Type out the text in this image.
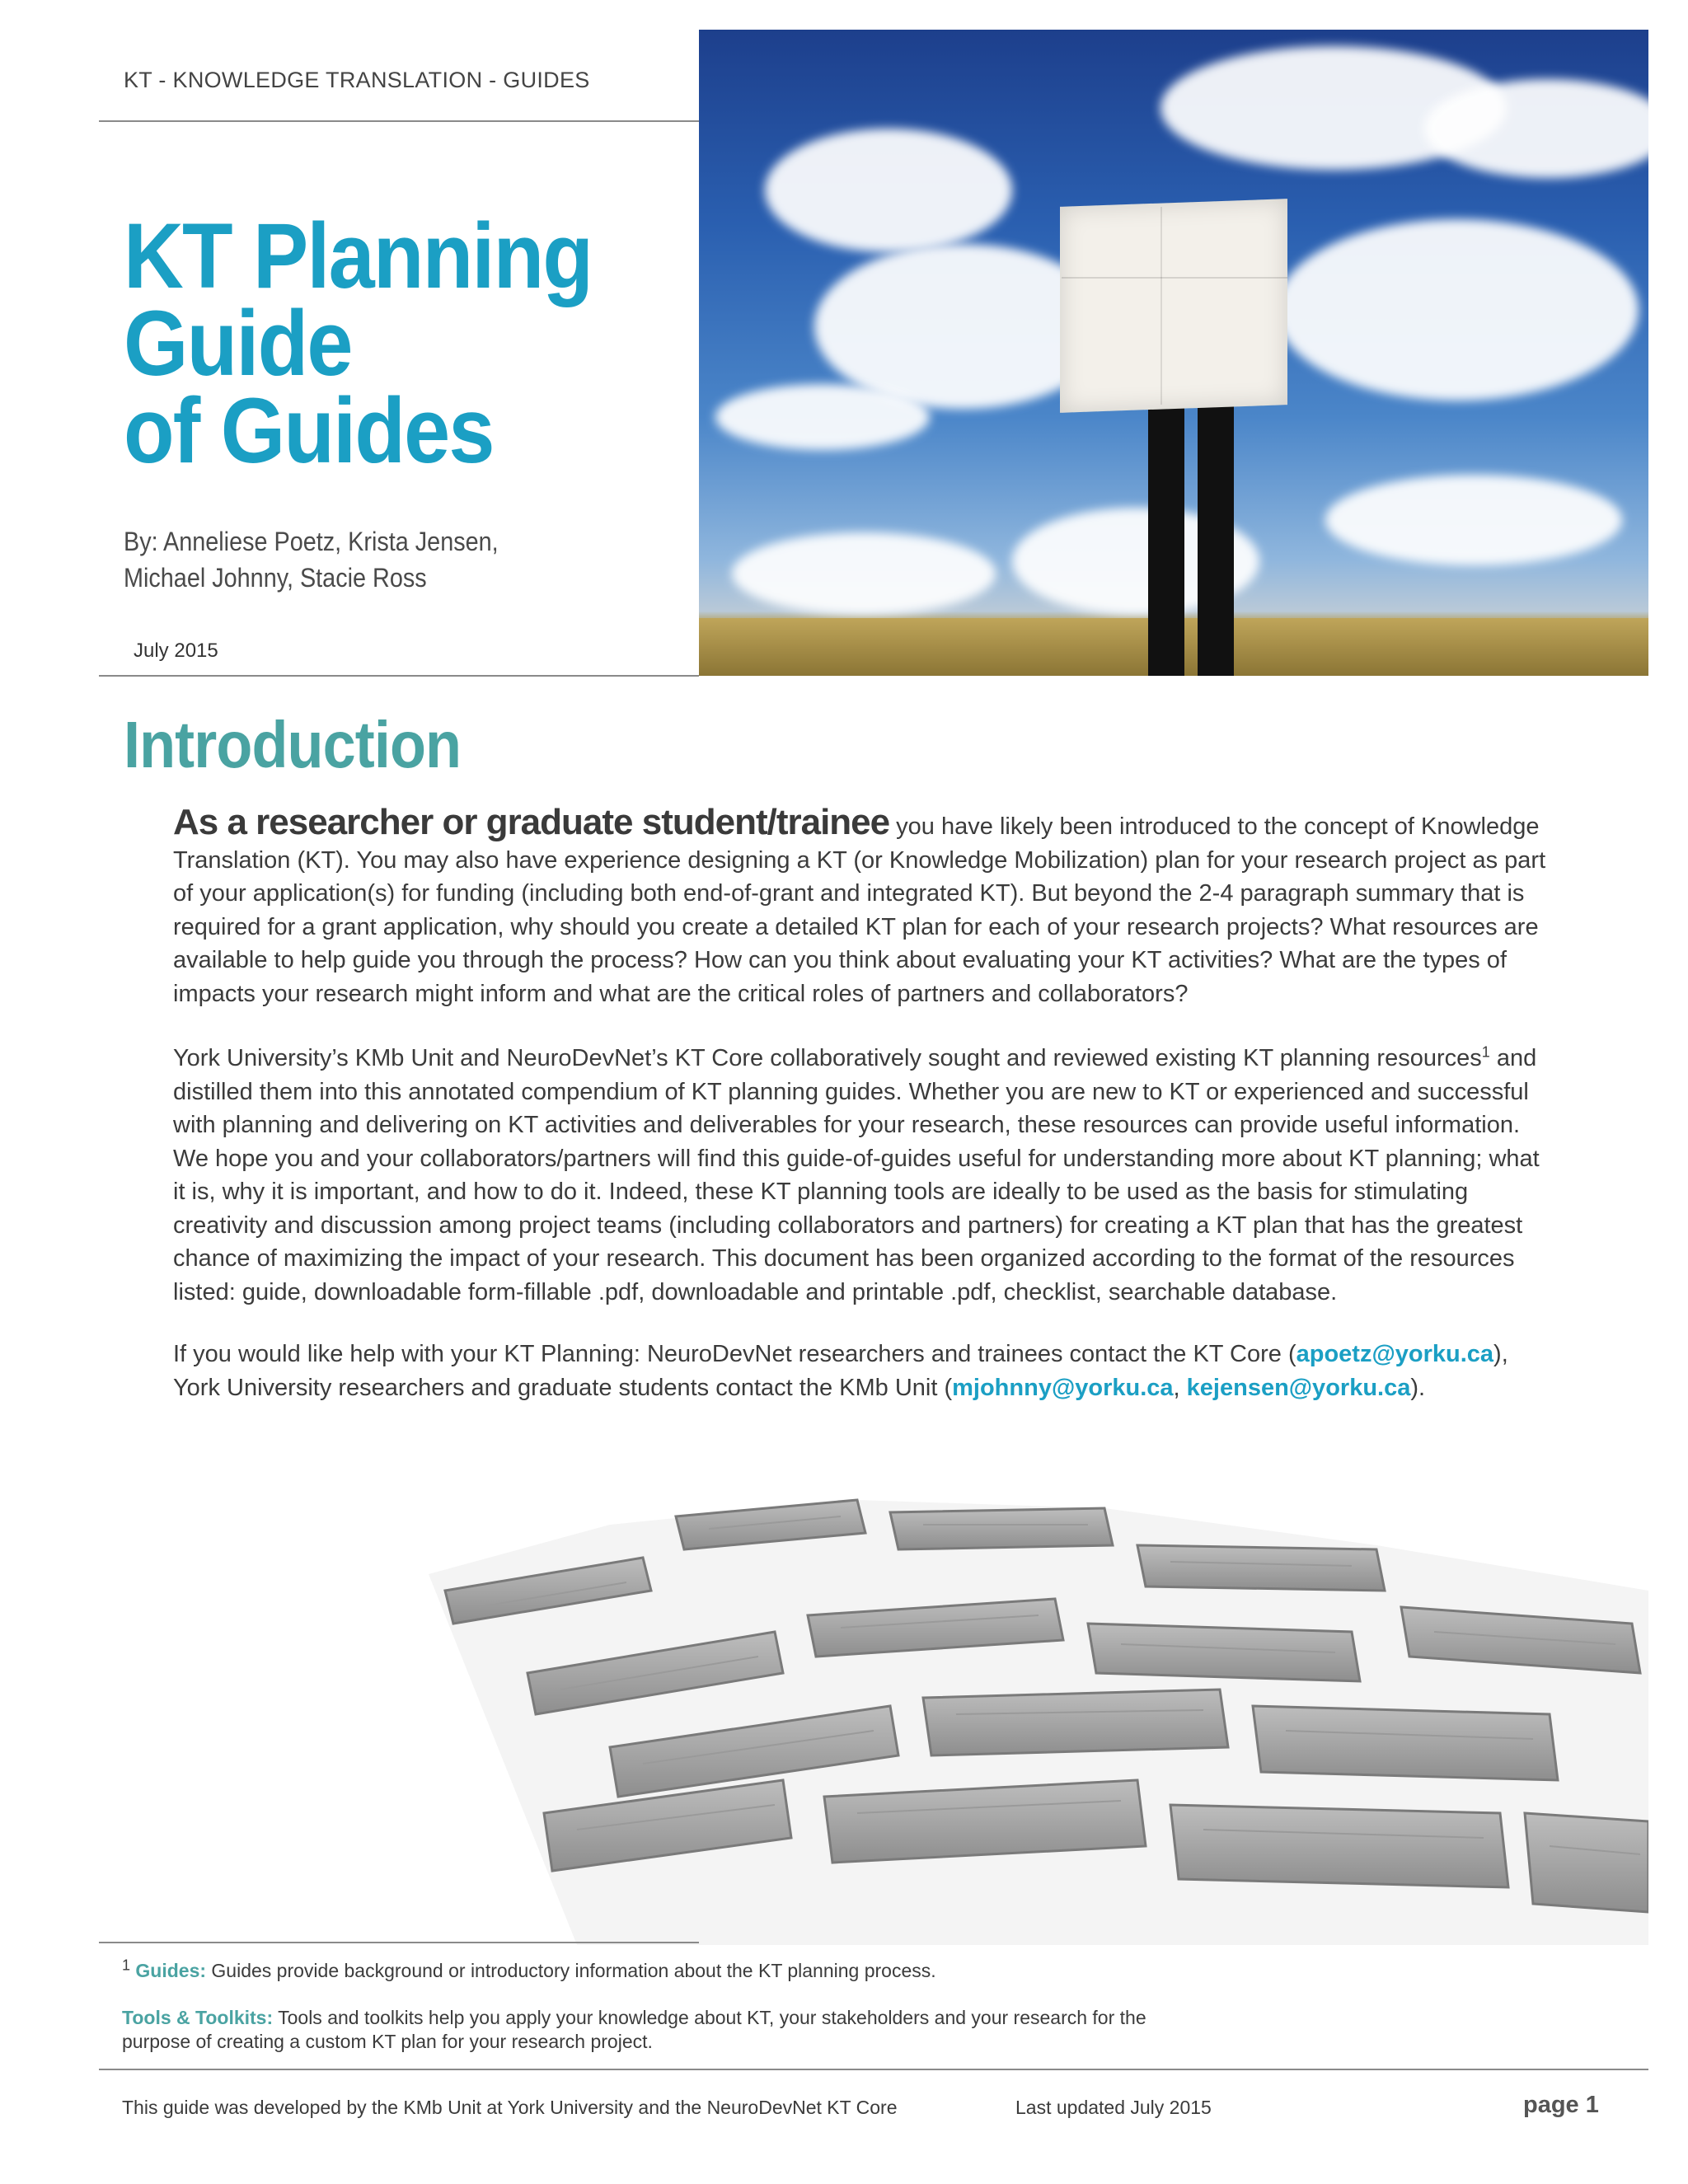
KT - KNOWLEDGE TRANSLATION - GUIDES
KT Planning
Guide
of Guides
By: Anneliese Poetz, Krista Jensen,
Michael Johnny, Stacie Ross
July 2015
Introduction
As a researcher or graduate student/trainee you have likely been introduced to the concept of Knowledge Translation (KT). You may also have experience designing a KT (or Knowledge Mobilization) plan for your research project as part of your application(s) for funding (including both end-of-grant and integrated KT). But beyond the 2-4 paragraph summary that is required for a grant application, why should you create a detailed KT plan for each of your research projects? What resources are available to help guide you through the process? How can you think about evaluating your KT activities? What are the types of impacts your research might inform and what are the critical roles of partners and collaborators?
York University’s KMb Unit and NeuroDevNet’s KT Core collaboratively sought and reviewed existing KT planning resources$^1$ and distilled them into this annotated compendium of KT planning guides. Whether you are new to KT or experienced and successful with planning and delivering on KT activities and deliverables for your research, these resources can provide useful information. We hope you and your collaborators/partners will find this guide-of-guides useful for understanding more about KT planning; what it is, why it is important, and how to do it. Indeed, these KT planning tools are ideally to be used as the basis for stimulating creativity and discussion among project teams (including collaborators and partners) for creating a KT plan that has the greatest chance of maximizing the impact of your research. This document has been organized according to the format of the resources listed: guide, downloadable form-fillable .pdf, downloadable and printable .pdf, checklist, searchable database.
If you would like help with your KT Planning: NeuroDevNet researchers and trainees contact the KT Core (apoetz@yorku.ca), York University researchers and graduate students contact the KMb Unit (mjohnny@yorku.ca, kejensen@yorku.ca).
$^1$ Guides: Guides provide background or introductory information about the KT planning process.
Tools & Toolkits: Tools and toolkits help you apply your knowledge about KT, your stakeholders and your research for the purpose of creating a custom KT plan for your research project.
This guide was developed by the KMb Unit at York University and the NeuroDevNet KT Core	Last updated July 2015	page 1
